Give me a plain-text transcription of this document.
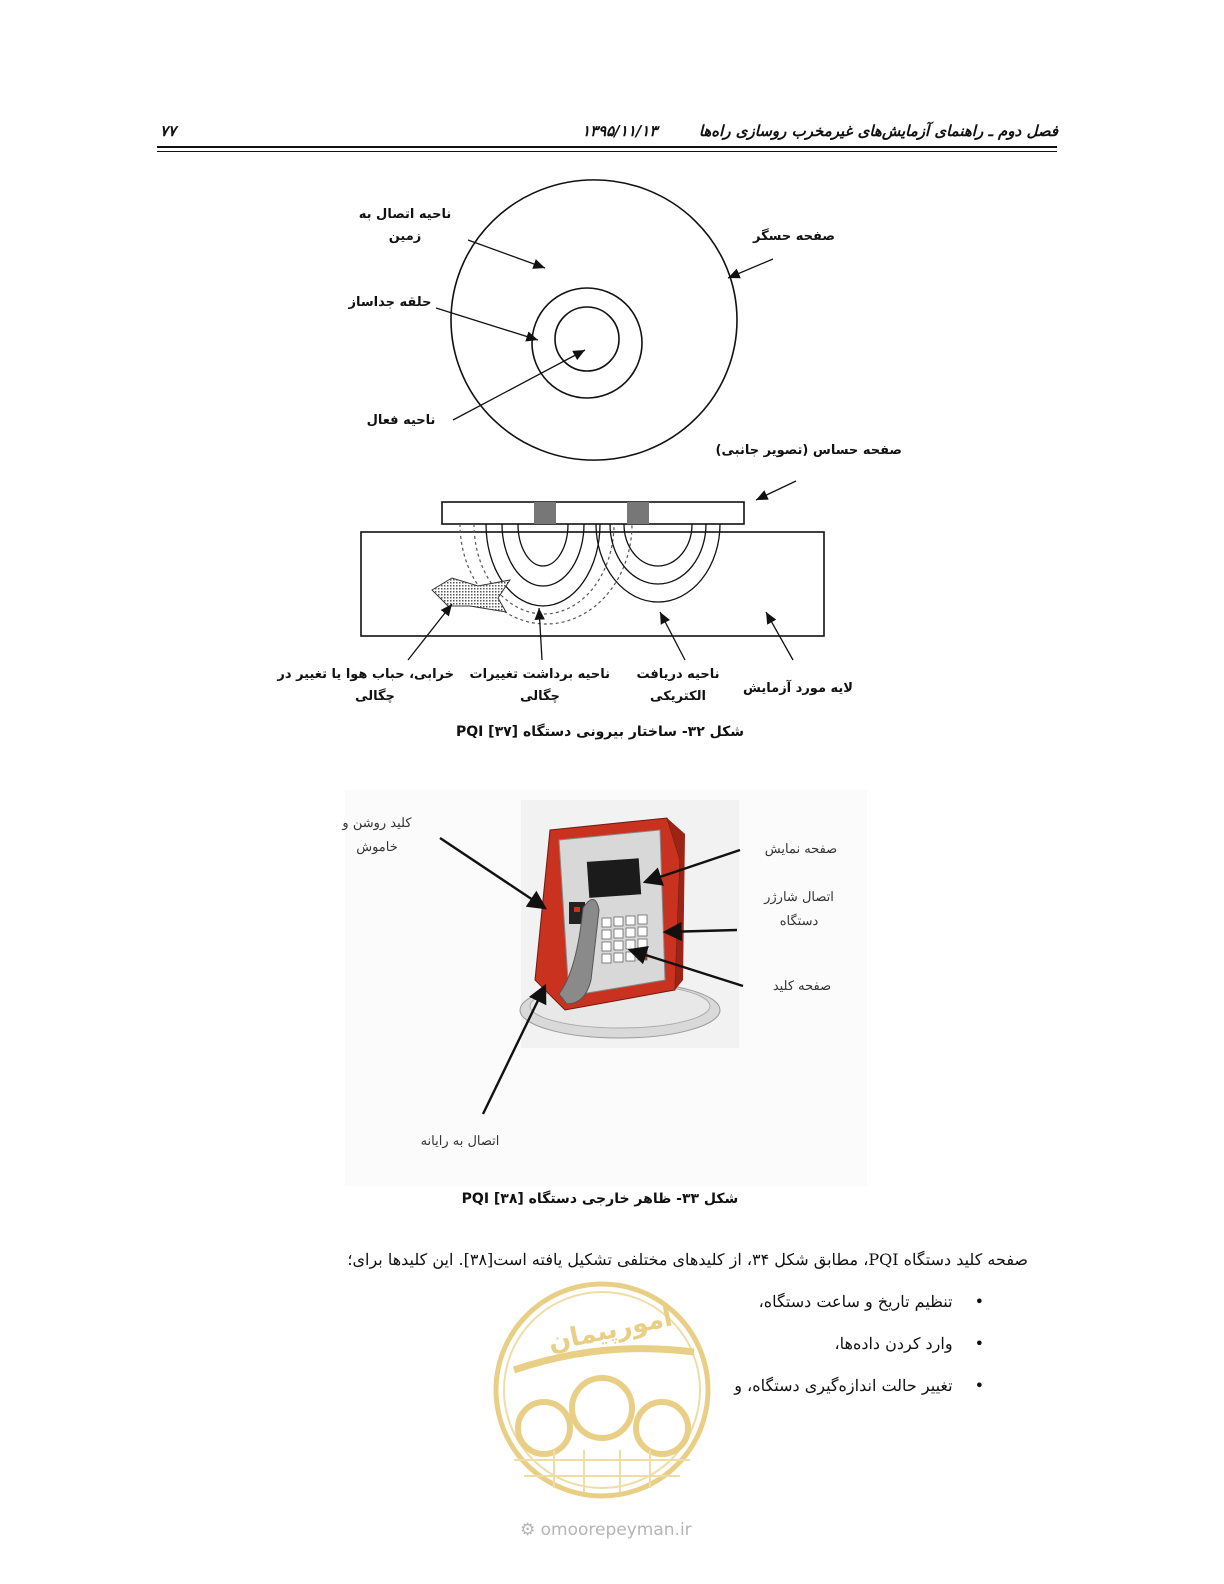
فصل دوم ـ راهنمای آزمایش‌های غیرمخرب روسازی راه‌ها
۱۳۹۵/۱۱/۱۳
۷۷
ناحیه اتصال به
زمین	صفحه حسگر
حلقه جداساز
ناحیه فعال
صفحه حساس (تصویر جانبی)
خرابی، حباب هوا یا تغییر در
چگالی
ناحیه برداشت تغییرات
چگالی
ناحیه دریافت
الکتریکی
لایه مورد آزمایش
شکل ۳۲- ساختار بیرونی دستگاه PQI [۳۷]
کلید روشن و
خاموش	صفحه نمایش
اتصال شارژر
دستگاه
صفحه کلید
اتصال به رایانه
شکل ۳۳- ظاهر خارجی دستگاه PQI [۳۸]
امورپیمان
صفحه کلید دستگاه PQI، مطابق شکل ۳۴، از کلیدهای مختلفی تشکیل یافته است[۳۸]. این کلیدها برای؛
• تنظیم تاریخ و ساعت دستگاه،
• وارد کردن داده‌ها،
• تغییر حالت اندازه‌گیری دستگاه، و
⚙ omoorepeyman.ir
